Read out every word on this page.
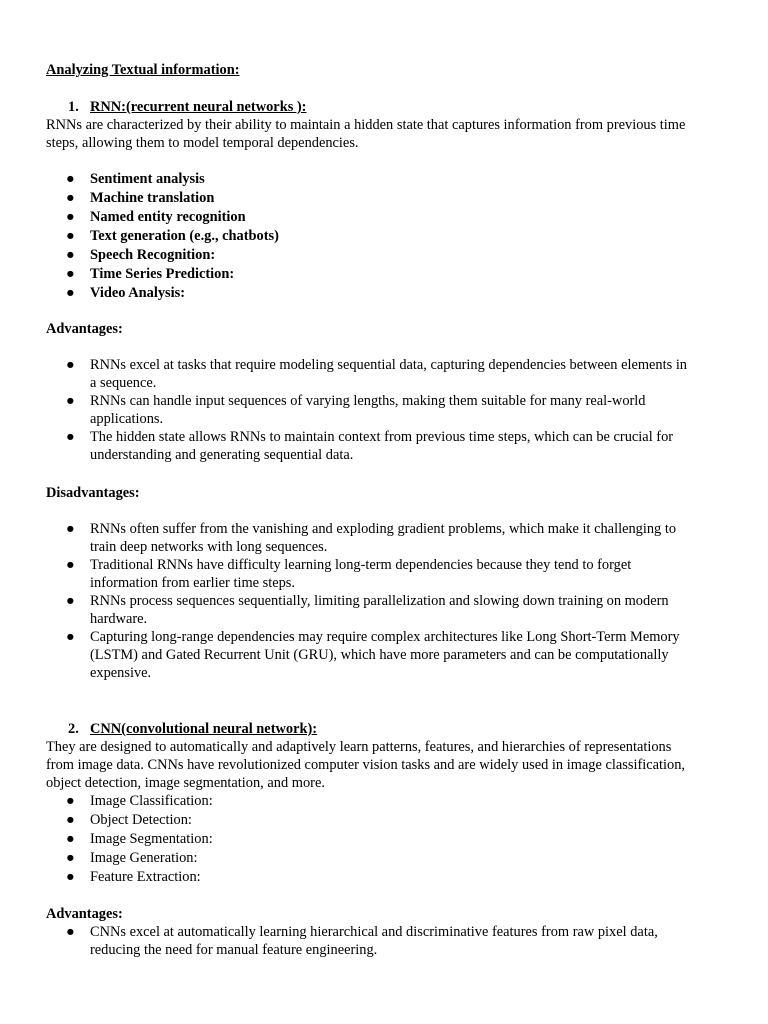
Analyzing Textual information:
1. RNN:(recurrent neural networks ):
RNNs are characterized by their ability to maintain a hidden state that captures information from previous time
steps, allowing them to model temporal dependencies.
● Sentiment analysis
● Machine translation
● Named entity recognition
● Text generation (e.g., chatbots)
● Speech Recognition:
● Time Series Prediction:
● Video Analysis:
Advantages:
● RNNs excel at tasks that require modeling sequential data, capturing dependencies between elements in
a sequence.
● RNNs can handle input sequences of varying lengths, making them suitable for many real-world
applications.
● The hidden state allows RNNs to maintain context from previous time steps, which can be crucial for
understanding and generating sequential data.
Disadvantages:
● RNNs often suffer from the vanishing and exploding gradient problems, which make it challenging to
train deep networks with long sequences.
● Traditional RNNs have difficulty learning long-term dependencies because they tend to forget
information from earlier time steps.
● RNNs process sequences sequentially, limiting parallelization and slowing down training on modern
hardware.
● Capturing long-range dependencies may require complex architectures like Long Short-Term Memory
(LSTM) and Gated Recurrent Unit (GRU), which have more parameters and can be computationally
expensive.
2. CNN(convolutional neural network):
They are designed to automatically and adaptively learn patterns, features, and hierarchies of representations
from image data. CNNs have revolutionized computer vision tasks and are widely used in image classification,
object detection, image segmentation, and more.
● Image Classification:
● Object Detection:
● Image Segmentation:
● Image Generation:
● Feature Extraction:
Advantages:
● CNNs excel at automatically learning hierarchical and discriminative features from raw pixel data,
reducing the need for manual feature engineering.
